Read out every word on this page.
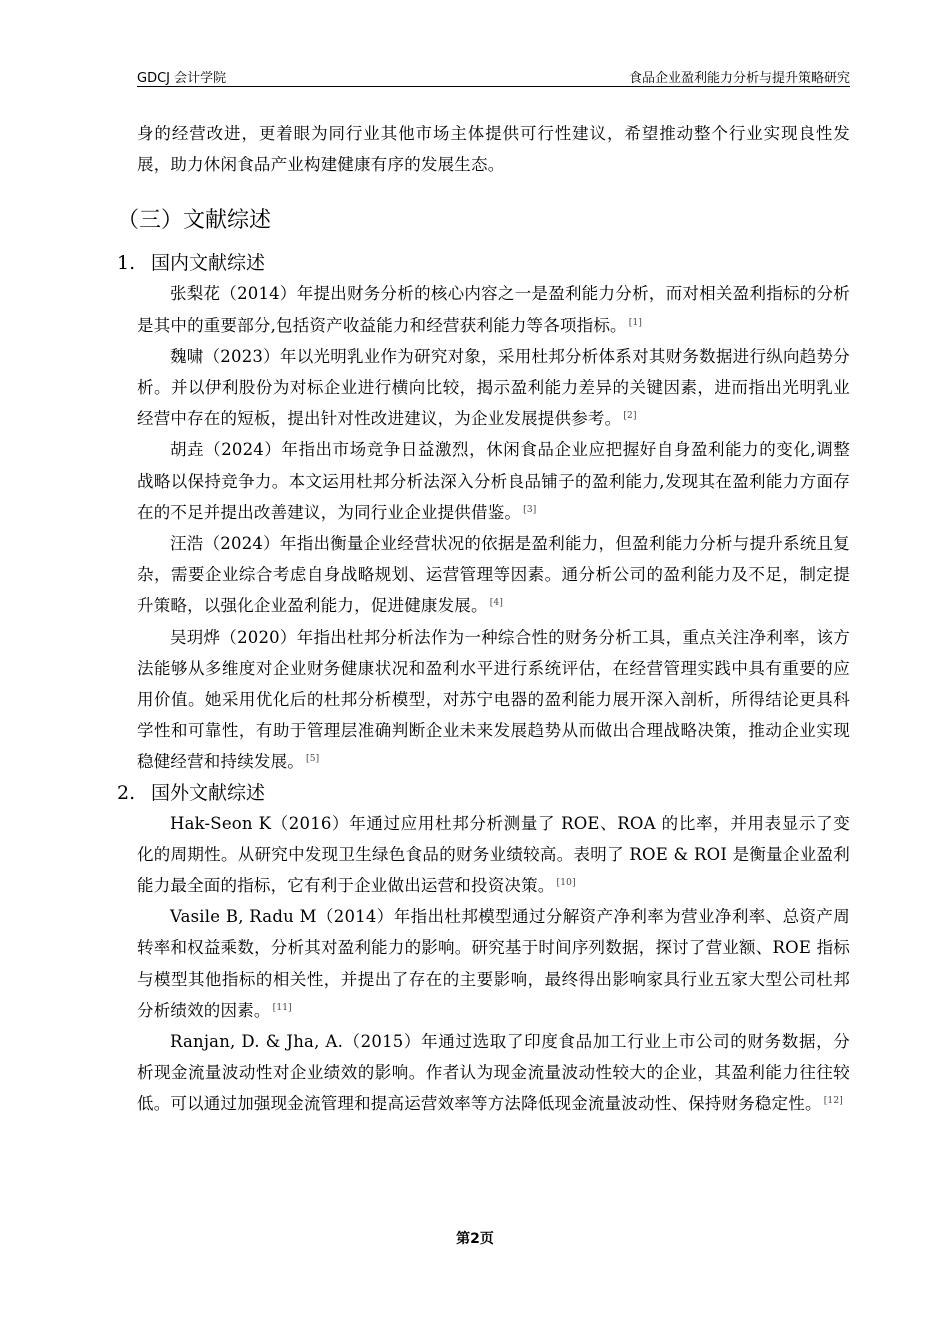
GDCJ 会计学院	食品企业盈利能力分析与提升策略研究

身的经营改进，更着眼为同行业其他市场主体提供可行性建议，希望推动整个行业实现良性发展，助力休闲食品产业构建健康有序的发展生态。

（三）文献综述
1. 国内文献综述

张梨花（2014）年提出财务分析的核心内容之一是盈利能力分析，而对相关盈利指标的分析是其中的重要部分,包括资产收益能力和经营获利能力等各项指标。 [1]

魏啸（2023）年以光明乳业作为研究对象，采用杜邦分析体系对其财务数据进行纵向趋势分析。并以伊利股份为对标企业进行横向比较，揭示盈利能力差异的关键因素，进而指出光明乳业经营中存在的短板，提出针对性改进建议，为企业发展提供参考。 [2]

胡垚（2024）年指出市场竞争日益激烈，休闲食品企业应把握好自身盈利能力的变化,调整战略以保持竞争力。本文运用杜邦分析法深入分析良品铺子的盈利能力,发现其在盈利能力方面存在的不足并提出改善建议，为同行业企业提供借鉴。 [3]

汪浩（2024）年指出衡量企业经营状况的依据是盈利能力，但盈利能力分析与提升系统且复杂，需要企业综合考虑自身战略规划、运营管理等因素。通分析公司的盈利能力及不足，制定提升策略，以强化企业盈利能力，促进健康发展。 [4]

吴玥烨（2020）年指出杜邦分析法作为一种综合性的财务分析工具，重点关注净利率，该方法能够从多维度对企业财务健康状况和盈利水平进行系统评估，在经营管理实践中具有重要的应用价值。她采用优化后的杜邦分析模型，对苏宁电器的盈利能力展开深入剖析，所得结论更具科学性和可靠性，有助于管理层准确判断企业未来发展趋势从而做出合理战略决策，推动企业实现稳健经营和持续发展。 [5]

2. 国外文献综述

Hak-Seon K（2016）年通过应用杜邦分析测量了 ROE、ROA 的比率，并用表显示了变化的周期性。从研究中发现卫生绿色食品的财务业绩较高。表明了 ROE & ROI 是衡量企业盈利能力最全面的指标，它有利于企业做出运营和投资决策。 [10]

Vasile B, Radu M（2014）年指出杜邦模型通过分解资产净利率为营业净利率、总资产周转率和权益乘数，分析其对盈利能力的影响。研究基于时间序列数据，探讨了营业额、ROE 指标与模型其他指标的相关性，并提出了存在的主要影响，最终得出影响家具行业五家大型公司杜邦分析绩效的因素。 [11]

Ranjan, D. & Jha, A.（2015）年通过选取了印度食品加工行业上市公司的财务数据，分析现金流量波动性对企业绩效的影响。作者认为现金流量波动性较大的企业，其盈利能力往往较低。可以通过加强现金流管理和提高运营效率等方法降低现金流量波动性、保持财务稳定性。 [12]

第2页
